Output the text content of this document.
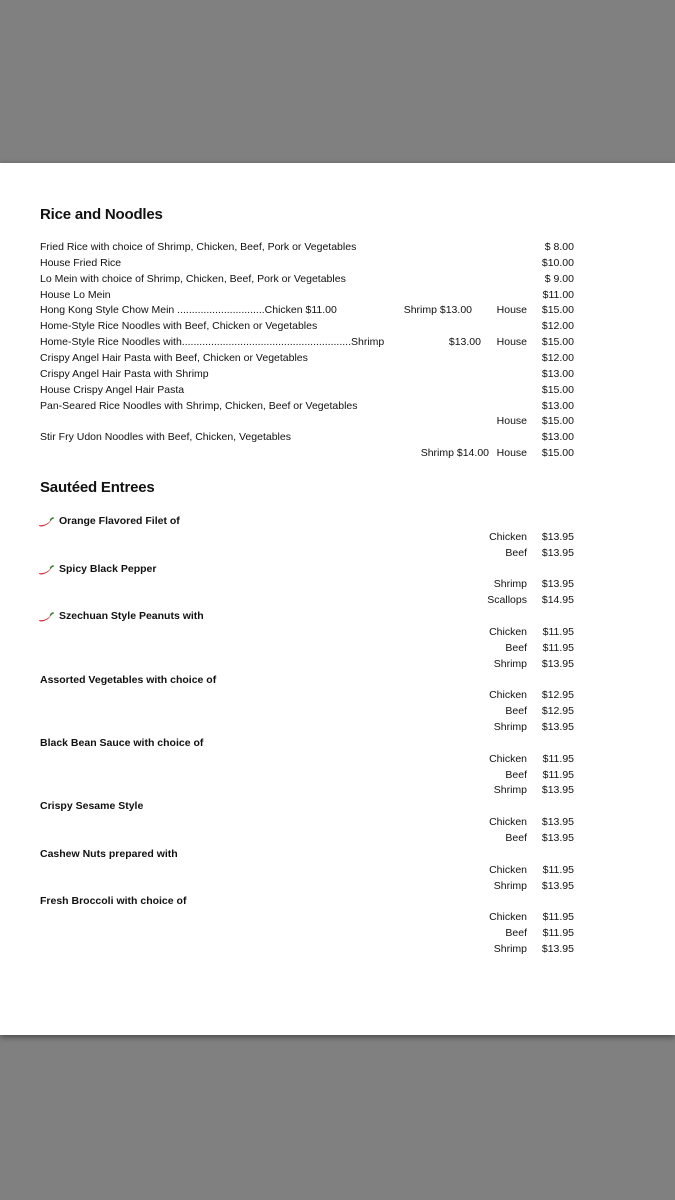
Rice and Noodles
Fried Rice with choice of Shrimp, Chicken, Beef, Pork or Vegetables	$ 8.00
House Fried Rice	$10.00
Lo Mein with choice of Shrimp, Chicken, Beef, Pork or Vegetables	$ 9.00
House Lo Mein	$11.00
Hong Kong Style Chow Mein ..............................Chicken $11.00	Shrimp $13.00 House $15.00
Home-Style Rice Noodles with Beef, Chicken or Vegetables	$12.00
Home-Style Rice Noodles with..........................................................Shrimp	$13.00 House $15.00
Crispy Angel Hair Pasta with Beef, Chicken or Vegetables	$12.00
Crispy Angel Hair Pasta with Shrimp	$13.00
House Crispy Angel Hair Pasta	$15.00
Pan-Seared Rice Noodles with Shrimp, Chicken, Beef or Vegetables	$13.00
House $15.00
Stir Fry Udon Noodles with Beef, Chicken, Vegetables	$13.00
Shrimp $14.00 House $15.00
Sautéed Entrees
Orange Flavored Filet of
Chicken $13.95
Beef $13.95
Spicy Black Pepper
Shrimp $13.95
Scallops $14.95
Szechuan Style Peanuts with
Chicken $11.95
Beef $11.95
Shrimp $13.95
Assorted Vegetables with choice of
Chicken $12.95
Beef $12.95
Shrimp $13.95
Black Bean Sauce with choice of
Chicken $11.95
Beef $11.95
Shrimp $13.95
Crispy Sesame Style
Chicken $13.95
Beef $13.95
Cashew Nuts prepared with
Chicken $11.95
Shrimp $13.95
Fresh Broccoli with choice of
Chicken $11.95
Beef $11.95
Shrimp $13.95
